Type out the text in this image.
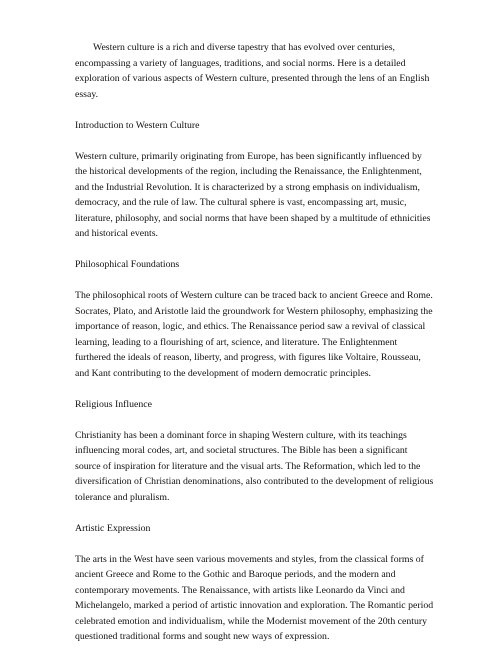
Western culture is a rich and diverse tapestry that has evolved over centuries, encompassing a variety of languages, traditions, and social norms. Here is a detailed exploration of various aspects of Western culture, presented through the lens of an English essay.

Introduction to Western Culture

Western culture, primarily originating from Europe, has been significantly influenced by the historical developments of the region, including the Renaissance, the Enlightenment, and the Industrial Revolution. It is characterized by a strong emphasis on individualism, democracy, and the rule of law. The cultural sphere is vast, encompassing art, music, literature, philosophy, and social norms that have been shaped by a multitude of ethnicities and historical events.

Philosophical Foundations

The philosophical roots of Western culture can be traced back to ancient Greece and Rome. Socrates, Plato, and Aristotle laid the groundwork for Western philosophy, emphasizing the importance of reason, logic, and ethics. The Renaissance period saw a revival of classical learning, leading to a flourishing of art, science, and literature. The Enlightenment furthered the ideals of reason, liberty, and progress, with figures like Voltaire, Rousseau, and Kant contributing to the development of modern democratic principles.

Religious Influence

Christianity has been a dominant force in shaping Western culture, with its teachings influencing moral codes, art, and societal structures. The Bible has been a significant source of inspiration for literature and the visual arts. The Reformation, which led to the diversification of Christian denominations, also contributed to the development of religious tolerance and pluralism.

Artistic Expression

The arts in the West have seen various movements and styles, from the classical forms of ancient Greece and Rome to the Gothic and Baroque periods, and the modern and contemporary movements. The Renaissance, with artists like Leonardo da Vinci and Michelangelo, marked a period of artistic innovation and exploration. The Romantic period celebrated emotion and individualism, while the Modernist movement of the 20th century questioned traditional forms and sought new ways of expression.
